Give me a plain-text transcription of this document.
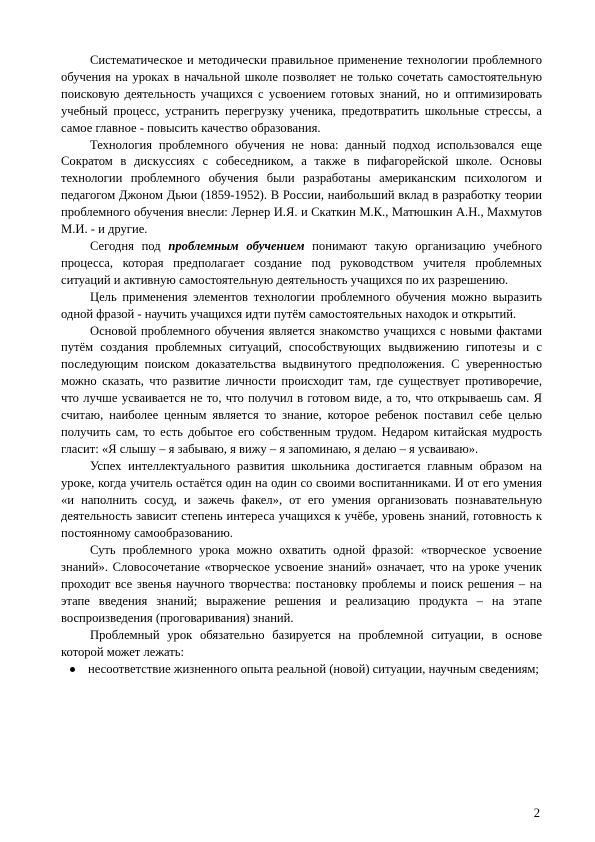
Систематическое и методически правильное применение технологии проблемного обучения на уроках в начальной школе позволяет не только сочетать самостоятельную поисковую деятельность учащихся с усвоением готовых знаний, но и оптимизировать учебный процесс, устранить перегрузку ученика, предотвратить школьные стрессы, а самое главное - повысить качество образования.

Технология проблемного обучения не нова: данный подход использовался еще Сократом в дискуссиях с собеседником, а также в пифагорейской школе. Основы технологии проблемного обучения были разработаны американским психологом и педагогом Джоном Дьюи (1859-1952). В России, наибольший вклад в разработку теории проблемного обучения внесли: Лернер И.Я. и Скаткин М.К., Матюшкин А.Н., Махмутов М.И. - и другие.

Сегодня под проблемным обучением понимают такую организацию учебного процесса, которая предполагает создание под руководством учителя проблемных ситуаций и активную самостоятельную деятельность учащихся по их разрешению.

Цель применения элементов технологии проблемного обучения можно выразить одной фразой - научить учащихся идти путём самостоятельных находок и открытий.

Основой проблемного обучения является знакомство учащихся с новыми фактами путём создания проблемных ситуаций, способствующих выдвижению гипотезы и с последующим поиском доказательства выдвинутого предположения. С уверенностью можно сказать, что развитие личности происходит там, где существует противоречие, что лучше усваивается не то, что получил в готовом виде, а то, что открываешь сам. Я считаю, наиболее ценным является то знание, которое ребенок поставил себе целью получить сам, то есть добытое его собственным трудом. Недаром китайская мудрость гласит: «Я слышу – я забываю, я вижу – я запоминаю, я делаю – я усваиваю».

Успех интеллектуального развития школьника достигается главным образом на уроке, когда учитель остаётся один на один со своими воспитанниками. И от его умения «и наполнить сосуд, и зажечь факел», от его умения организовать познавательную деятельность зависит степень интереса учащихся к учёбе, уровень знаний, готовность к постоянному самообразованию.

Суть проблемного урока можно охватить одной фразой: «творческое усвоение знаний». Словосочетание «творческое усвоение знаний» означает, что на уроке ученик проходит все звенья научного творчества: постановку проблемы и поиск решения – на этапе введения знаний; выражение решения и реализацию продукта – на этапе воспроизведения (проговаривания) знаний.

Проблемный урок обязательно базируется на проблемной ситуации, в основе которой может лежать:

несоответствие жизненного опыта реальной (новой) ситуации, научным сведениям;
2
